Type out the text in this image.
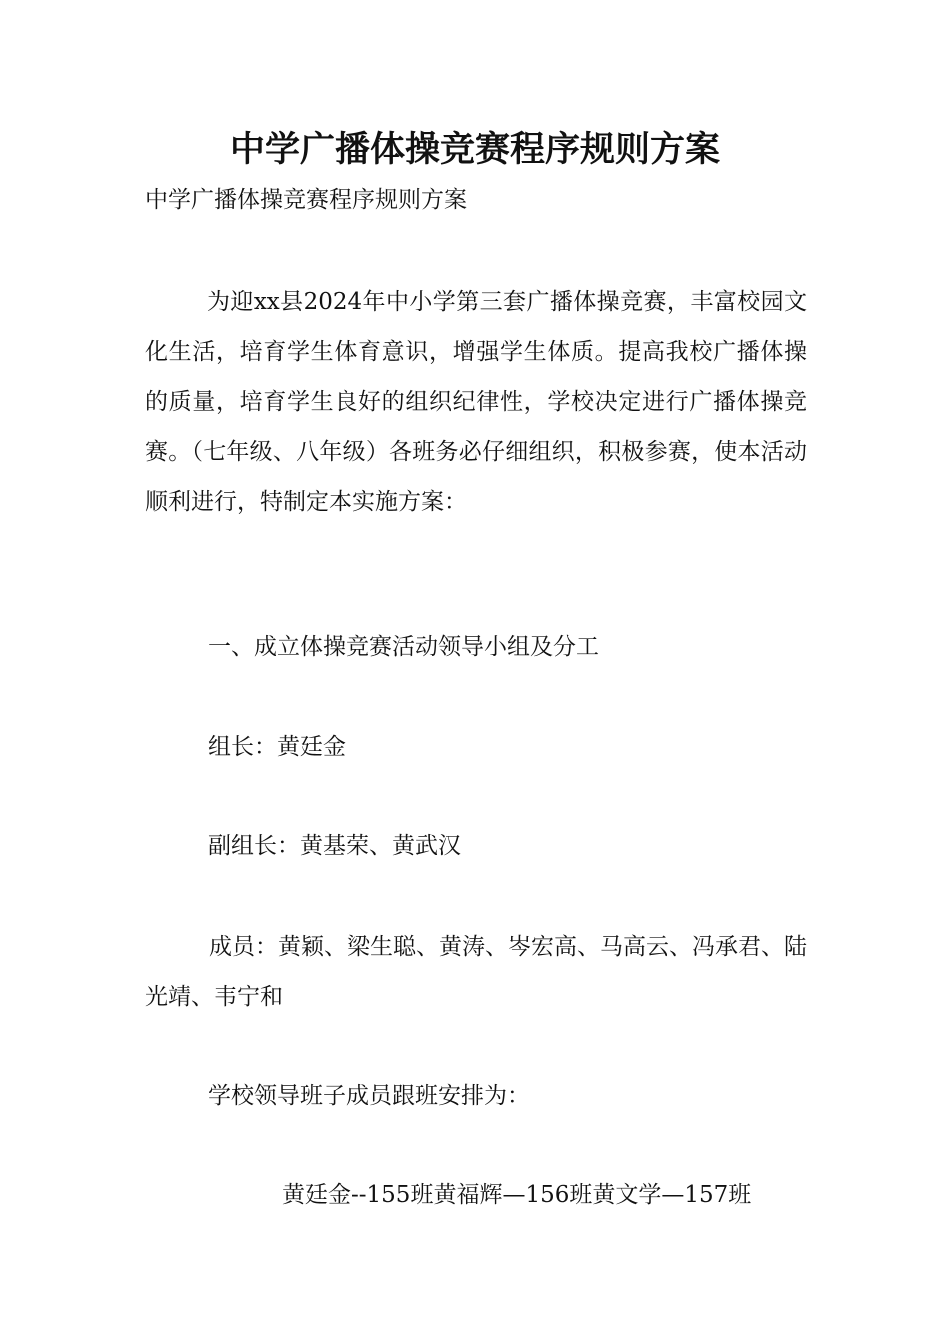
中学广播体操竞赛程序规则方案

中学广播体操竞赛程序规则方案

为迎xx县2024年中小学第三套广播体操竞赛，丰富校园文化生活，培育学生体育意识，增强学生体质。提高我校广播体操的质量，培育学生良好的组织纪律性，学校决定进行广播体操竞赛。（七年级、八年级）各班务必仔细组织，积极参赛，使本活动顺利进行，特制定本实施方案：

一、成立体操竞赛活动领导小组及分工

组长：黄廷金

副组长：黄基荣、黄武汉

成员：黄颖、梁生聪、黄涛、岑宏高、马高云、冯承君、陆光靖、韦宁和

学校领导班子成员跟班安排为：

黄廷金--155班黄福辉—156班黄文学—157班
